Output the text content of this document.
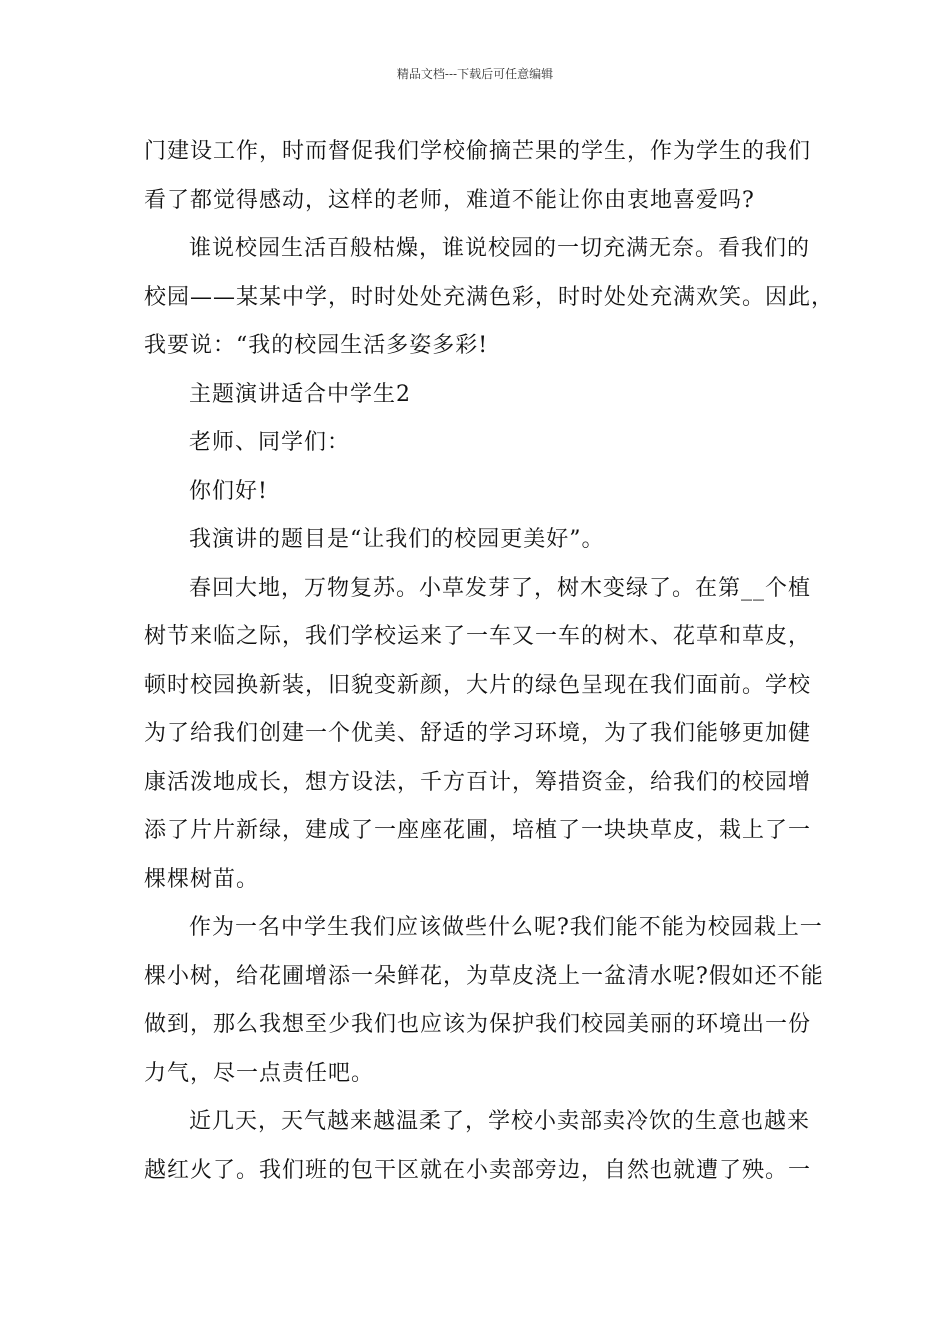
精品文档---下载后可任意编辑
门建设工作，时而督促我们学校偷摘芒果的学生，作为学生的我们
看了都觉得感动，这样的老师，难道不能让你由衷地喜爱吗?
谁说校园生活百般枯燥，谁说校园的一切充满无奈。看我们的
校园——某某中学，时时处处充满色彩，时时处处充满欢笑。因此，
我要说：“我的校园生活多姿多彩!
主题演讲适合中学生2
老师、同学们：
你们好!
我演讲的题目是“让我们的校园更美好”。
春回大地，万物复苏。小草发芽了，树木变绿了。在第__个植
树节来临之际，我们学校运来了一车又一车的树木、花草和草皮，
顿时校园换新装，旧貌变新颜，大片的绿色呈现在我们面前。学校
为了给我们创建一个优美、舒适的学习环境，为了我们能够更加健
康活泼地成长，想方设法，千方百计，筹措资金，给我们的校园增
添了片片新绿，建成了一座座花圃，培植了一块块草皮，栽上了一
棵棵树苗。
作为一名中学生我们应该做些什么呢?我们能不能为校园栽上一
棵小树，给花圃增添一朵鲜花，为草皮浇上一盆清水呢?假如还不能
做到，那么我想至少我们也应该为保护我们校园美丽的环境出一份
力气，尽一点责任吧。
近几天，天气越来越温柔了，学校小卖部卖冷饮的生意也越来
越红火了。我们班的包干区就在小卖部旁边，自然也就遭了殃。一
